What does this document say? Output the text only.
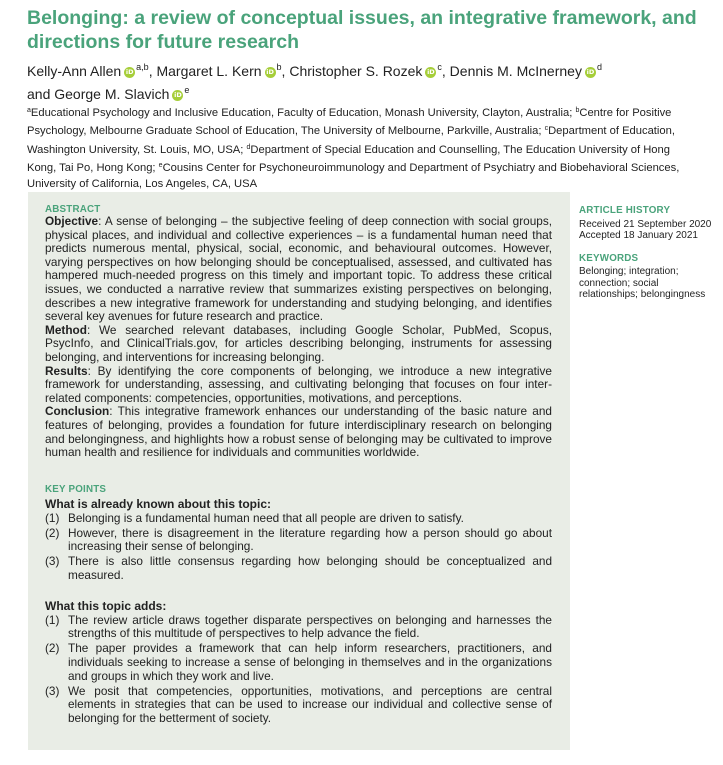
Belonging: a review of conceptual issues, an integrative framework, and directions for future research
Kelly-Ann Allen iD $^{a,b}$, Margaret L. Kern iD $^b$, Christopher S. Rozek iD $^c$, Dennis M. McInerney iD $^d$
and George M. Slavich iD $^e$
$^a$Educational Psychology and Inclusive Education, Faculty of Education, Monash University, Clayton, Australia; $^b$Centre for Positive Psychology, Melbourne Graduate School of Education, The University of Melbourne, Parkville, Australia; $^c$Department of Education, Washington University, St. Louis, MO, USA; $^d$Department of Special Education and Counselling, The Education University of Hong Kong, Tai Po, Hong Kong; $^e$Cousins Center for Psychoneuroimmunology and Department of Psychiatry and Biobehavioral Sciences, University of California, Los Angeles, CA, USA
ABSTRACT

Objective: A sense of belonging – the subjective feeling of deep connection with social groups, physical places, and individual and collective experiences – is a fundamental human need that predicts numerous mental, physical, social, economic, and behavioural outcomes. However, varying perspectives on how belonging should be conceptualised, assessed, and cultivated has hampered much-needed progress on this timely and important topic. To address these critical issues, we conducted a narrative review that summarizes existing perspectives on belonging, describes a new integrative framework for understanding and studying belonging, and identifies several key avenues for future research and practice.

Method: We searched relevant databases, including Google Scholar, PubMed, Scopus, PsycInfo, and ClinicalTrials.gov, for articles describing belonging, instruments for assessing belonging, and interventions for increasing belonging.

Results: By identifying the core components of belonging, we introduce a new integrative framework for understanding, assessing, and cultivating belonging that focuses on four inter-related components: competencies, opportunities, motivations, and perceptions.

Conclusion: This integrative framework enhances our understanding of the basic nature and features of belonging, provides a foundation for future interdisciplinary research on belonging and belongingness, and highlights how a robust sense of belonging may be cultivated to improve human health and resilience for individuals and communities worldwide.

KEY POINTS
What is already known about this topic:
(1) Belonging is a fundamental human need that all people are driven to satisfy.
(2) However, there is disagreement in the literature regarding how a person should go about increasing their sense of belonging.
(3) There is also little consensus regarding how belonging should be conceptualized and measured.
What this topic adds:
(1) The review article draws together disparate perspectives on belonging and harnesses the strengths of this multitude of perspectives to help advance the field.
(2) The paper provides a framework that can help inform researchers, practitioners, and individuals seeking to increase a sense of belonging in themselves and in the organizations and groups in which they work and live.
(3) We posit that competencies, opportunities, motivations, and perceptions are central elements in strategies that can be used to increase our individual and collective sense of belonging for the betterment of society.
ARTICLE HISTORY
Received 21 September 2020
Accepted 18 January 2021
KEYWORDS
Belonging; integration; connection; social relationships; belongingness
